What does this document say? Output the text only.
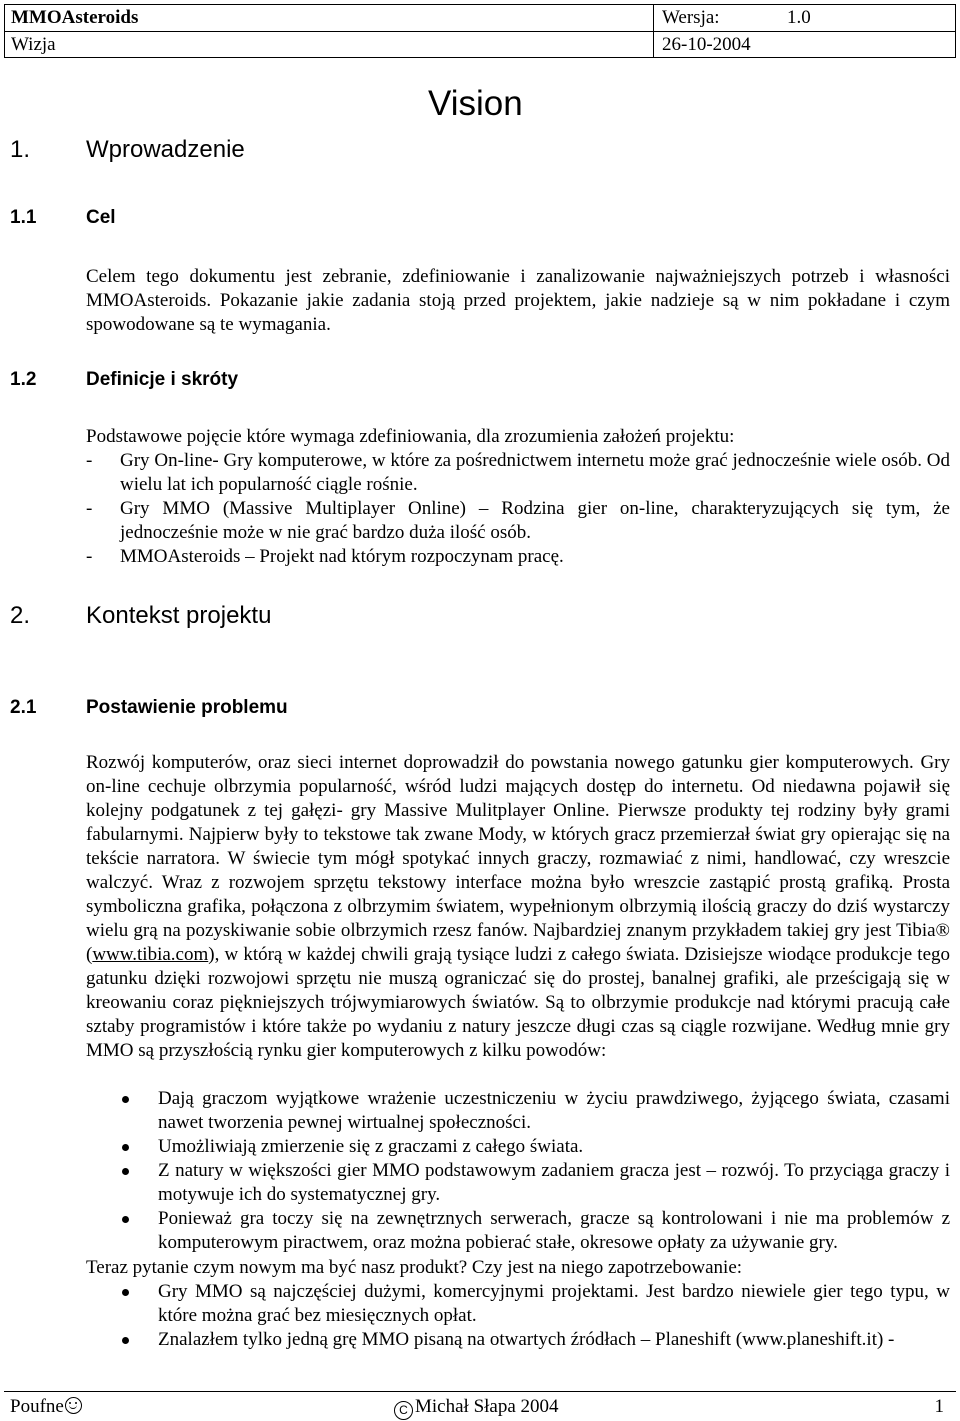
MMOAsteroids	Wersja:	1.0
Wizja	26-10-2004
Vision
1. Wprowadzenie
1.1	Cel

Celem tego dokumentu jest zebranie, zdefiniowanie i zanalizowanie najważniejszych potrzeb i własności MMOAsteroids. Pokazanie jakie zadania stoją przed projektem, jakie nadzieje są w nim pokładane i czym spowodowane są te wymagania.

1.2	Definicje i skróty

Podstawowe pojęcie które wymaga zdefiniowania, dla zrozumienia założeń projektu:

- Gry On-line- Gry komputerowe, w które za pośrednictwem internetu może grać jednocześnie wiele osób. Od wielu lat ich popularność ciągle rośnie.
- Gry MMO (Massive Multiplayer Online) – Rodzina gier on-line, charakteryzujących się tym, że jednocześnie może w nie grać bardzo duża ilość osób.
- MMOAsteroids – Projekt nad którym rozpoczynam pracę.
2. Kontekst projektu
2.1	Postawienie problemu

Rozwój komputerów, oraz sieci internet doprowadził do powstania nowego gatunku gier komputerowych. Gry on-line cechuje olbrzymia popularność, wśród ludzi mających dostęp do internetu. Od niedawna pojawił się kolejny podgatunek z tej gałęzi- gry Massive Mulitplayer Online. Pierwsze produkty tej rodziny były grami fabularnymi. Najpierw były to tekstowe tak zwane Mody, w których gracz przemierzał świat gry opierając się na tekście narratora. W świecie tym mógł spotykać innych graczy, rozmawiać z nimi, handlować, czy wreszcie walczyć. Wraz z rozwojem sprzętu tekstowy interface można było wreszcie zastąpić prostą grafiką. Prosta symboliczna grafika, połączona z olbrzymim światem, wypełnionym olbrzymią ilością graczy do dziś wystarczy wielu grą na pozyskiwanie sobie olbrzymich rzesz fanów. Najbardziej znanym przykładem takiej gry jest Tibia® (www.tibia.com), w którą w każdej chwili grają tysiące ludzi z całego świata. Dzisiejsze wiodące produkcje tego gatunku dzięki rozwojowi sprzętu nie muszą ograniczać się do prostej, banalnej grafiki, ale prześcigają się w kreowaniu coraz piękniejszych trójwymiarowych światów. Są to olbrzymie produkcje nad którymi pracują całe sztaby programistów i które także po wydaniu z natury jeszcze długi czas są ciągle rozwijane. Według mnie gry MMO są przyszłością rynku gier komputerowych z kilku powodów:

Dają graczom wyjątkowe wrażenie uczestniczeniu w życiu prawdziwego, żyjącego świata, czasami nawet tworzenia pewnej wirtualnej społeczności.
Umożliwiają zmierzenie się z graczami z całego świata.
Z natury w większości gier MMO podstawowym zadaniem gracza jest – rozwój. To przyciąga graczy i motywuje ich do systematycznej gry.
Ponieważ gra toczy się na zewnętrznych serwerach, gracze są kontrolowani i nie ma problemów z komputerowym piractwem, oraz można pobierać stałe, okresowe opłaty za używanie gry.

Teraz pytanie czym nowym ma być nasz produkt? Czy jest na niego zapotrzebowanie:

Gry MMO są najczęściej dużymi, komercyjnymi projektami. Jest bardzo niewiele gier tego typu, w które można grać bez miesięcznych opłat.
Znalazłem tylko jedną grę MMO pisaną na otwartych źródłach – Planeshift (www.planeshift.it) -
Poufne	C Michał Słapa 2004	1
